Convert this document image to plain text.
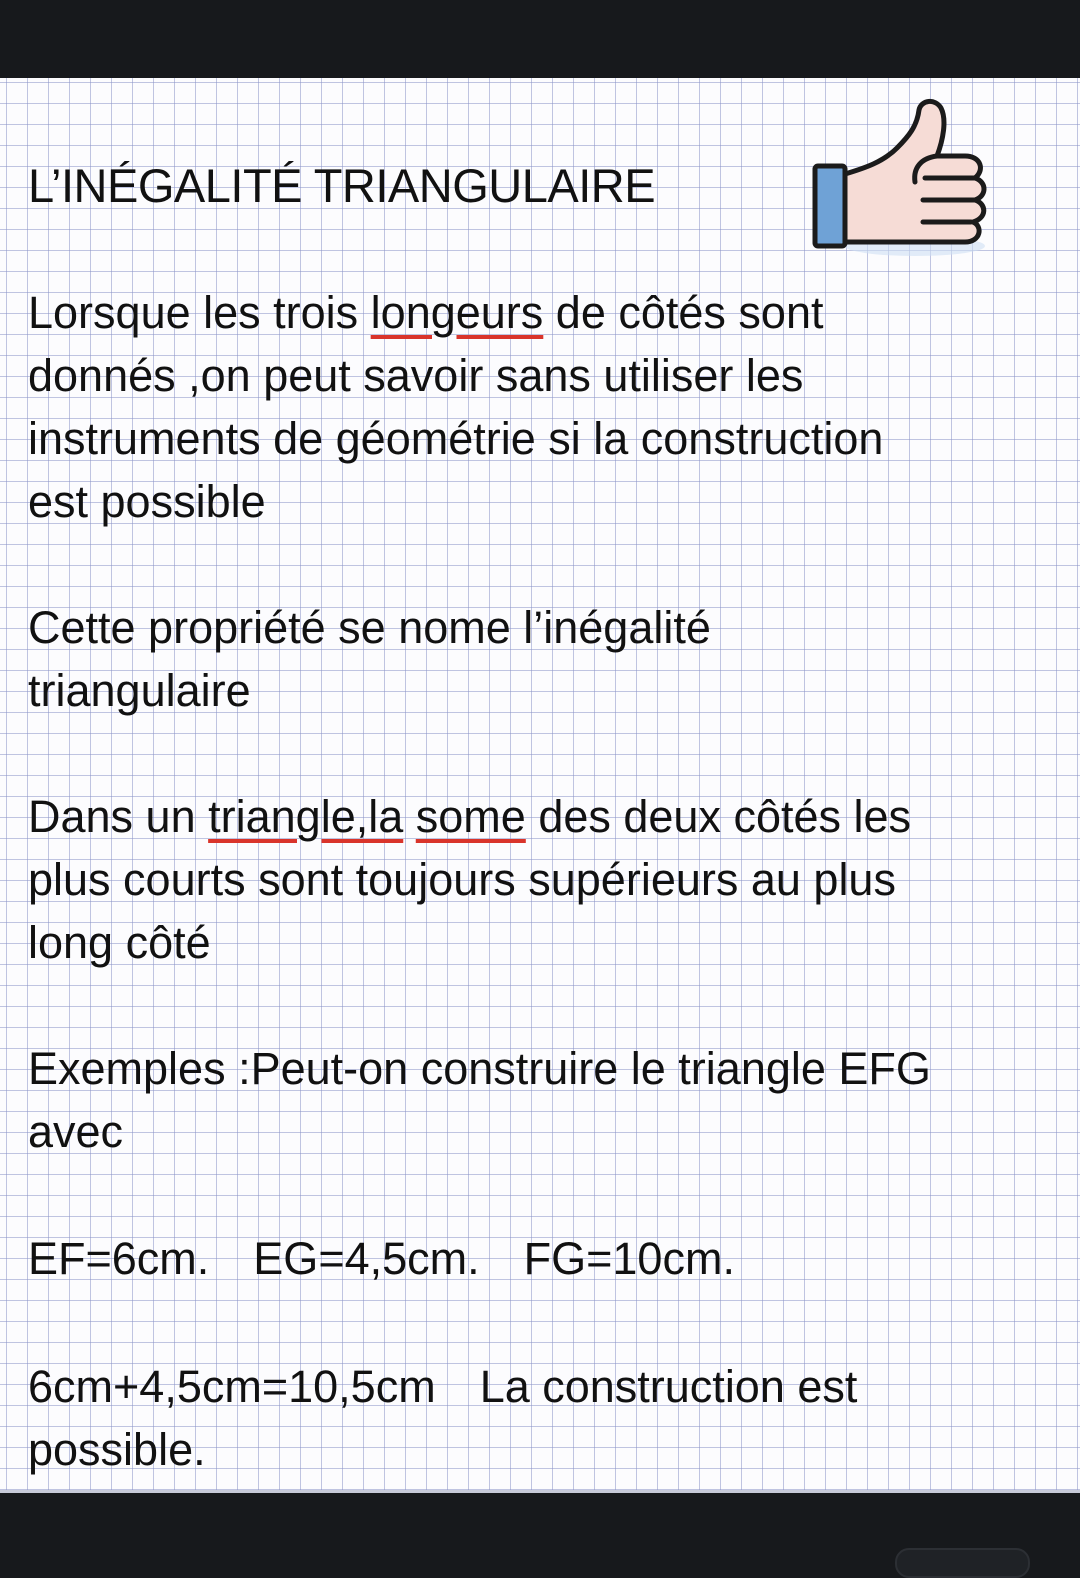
L’INÉGALITÉ TRIANGULAIRE
Lorsque les trois longeurs de côtés sont
donnés ,on peut savoir sans utiliser les
instruments de géométrie si la construction
est possible
Cette propriété se nome l’inégalité
triangulaire
Dans un triangle,la some des deux côtés les
plus courts sont toujours supérieurs au plus
long côté
Exemples :Peut-on construire le triangle EFG
avec
EF=6cm. EG=4,5cm. FG=10cm.
6cm+4,5cm=10,5cm La construction est
possible.
